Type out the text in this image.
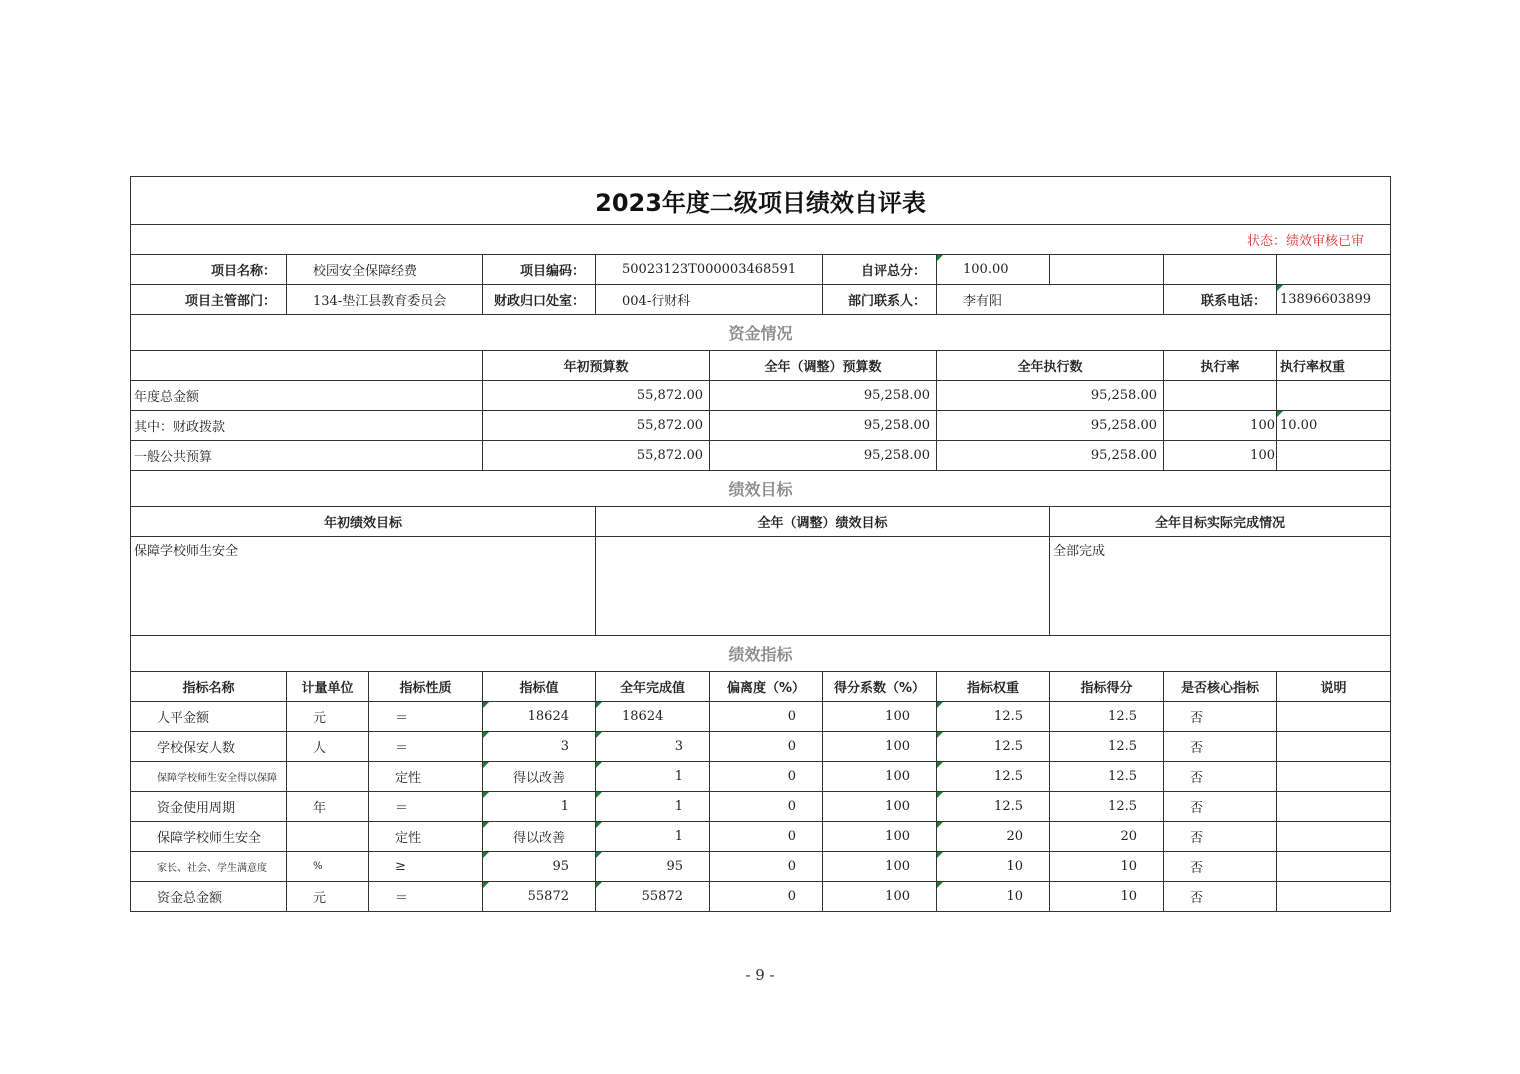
2023年度二级项目绩效自评表											
状态：绩效审核已审											
项目名称：	校园安全保障经费		项目编码：	50023123T000003468591		自评总分：	100.00				
项目主管部门：	134-垫江县教育委员会		财政归口处室：	004-行财科		部门联系人：	李有阳		联系电话：	13896603899	
资金情况											
			年初预算数		全年（调整）预算数		全年执行数		执行率	执行率权重	
年度总金额			55,872.00		95,258.00		95,258.00				
其中：财政拨款			55,872.00		95,258.00		95,258.00		100	10.00	
一般公共预算			55,872.00		95,258.00		95,258.00		100		
绩效目标											
年初绩效目标				全年（调整）绩效目标				全年目标实际完成情况			
保障学校师生安全								全部完成			
绩效指标											
指标名称	计量单位	指标性质	指标值	全年完成值	偏离度（%）	得分系数（%）	指标权重	指标得分	是否核心指标	说明	
人平金额	元	＝	18624	18624	0	100	12.5	12.5	否		
学校保安人数	人	＝	3	3	0	100	12.5	12.5	否		
保障学校师生安全得以保障		定性	得以改善	1	0	100	12.5	12.5	否		
资金使用周期	年	＝	1	1	0	100	12.5	12.5	否		
保障学校师生安全		定性	得以改善	1	0	100	20	20	否		
家长、社会、学生满意度	%	≥	95	95	0	100	10	10	否		
资金总金额	元	＝	55872	55872	0	100	10	10	否		
- 9 -
